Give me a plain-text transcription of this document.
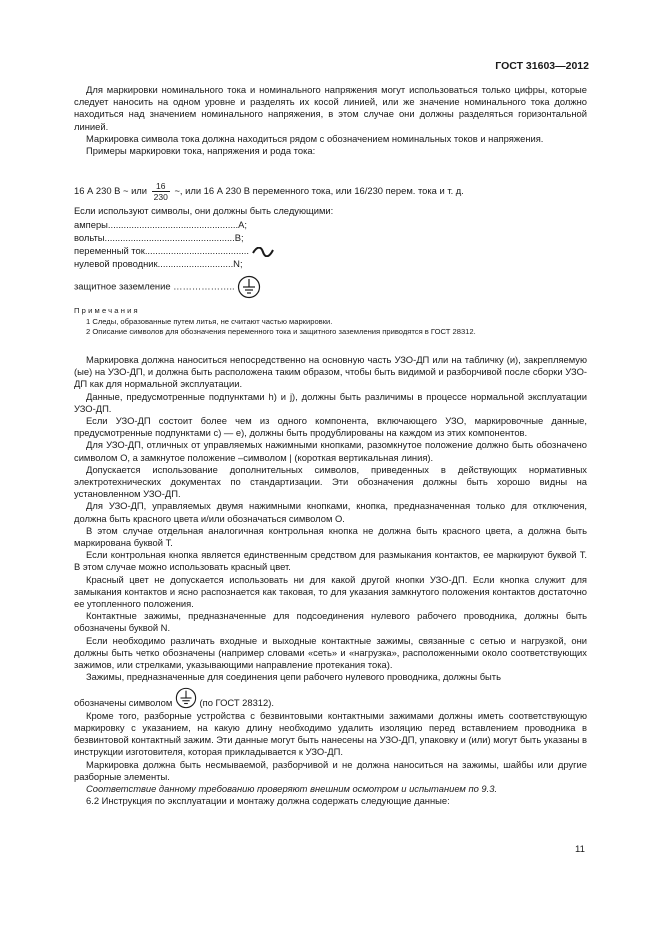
ГОСТ 31603—2012

Для маркировки номинального тока и номинального напряжения могут использоваться только цифры, которые следует наносить на одном уровне и разделять их косой линией, или же значение номинального тока должно находиться над значением номинального напряжения, в этом случае они должны разделяться горизонтальной линией.

Маркировка символа тока должна находиться рядом с обозначением номинальных токов и напряжения.

Примеры маркировки тока, напряжения и рода тока:

16 А 230 В ~ или $\frac{16}{230}$ ~, или 16 А 230 В переменного тока, или 16/230 перем. тока и т. д.
Если используют символы, они должны быть следующими:
амперы..................................................A;
вольты..................................................В;
переменный ток........................................
нулевой проводник.............................N;
защитное заземление ………………..
Примечания
1 Следы, образованные путем литья, не считают частью маркировки.
2 Описание символов для обозначения переменного тока и защитного заземления приводятся в ГОСТ 28312.

Маркировка должна наноситься непосредственно на основную часть УЗО-ДП или на табличку (и), закрепляемую (ые) на УЗО-ДП, и должна быть расположена таким образом, чтобы быть видимой и разборчивой после сборки УЗО-ДП как для нормальной эксплуатации.

Данные, предусмотренные подпунктами h) и j), должны быть различимы в процессе нормальной эксплуатации УЗО-ДП.

Если УЗО-ДП состоит более чем из одного компонента, включающего УЗО, маркировочные данные, предусмотренные подпунктами с) — е), должны быть продублированы на каждом из этих компонентов.

Для УЗО-ДП, отличных от управляемых нажимными кнопками, разомкнутое положение должно быть обозначено символом О, а замкнутое положение –символом | (короткая вертикальная линия).

Допускается использование дополнительных символов, приведенных в действующих нормативных электротехнических документах по стандартизации. Эти обозначения должны быть хорошо видны на установленном УЗО-ДП.

Для УЗО-ДП, управляемых двумя нажимными кнопками, кнопка, предназначенная только для отключения, должна быть красного цвета и/или обозначаться символом О.

В этом случае отдельная аналогичная контрольная кнопка не должна быть красного цвета, а должна быть маркирована буквой Т.

Если контрольная кнопка является единственным средством для размыкания контактов, ее маркируют буквой Т. В этом случае можно использовать красный цвет.

Красный цвет не допускается использовать ни для какой другой кнопки УЗО-ДП. Если кнопка служит для замыкания контактов и ясно распознается как таковая, то для указания замкнутого положения контактов достаточно ее утопленного положения.

Контактные зажимы, предназначенные для подсоединения нулевого рабочего проводника, должны быть обозначены буквой N.

Если необходимо различать входные и выходные контактные зажимы, связанные с сетью и нагрузкой, они должны быть четко обозначены (например словами «сеть» и «нагрузка», расположенными около соответствующих зажимов, или стрелками, указывающими направление протекания тока).

Зажимы, предназначенные для соединения цепи рабочего нулевого проводника, должны быть

обозначены символом	(по ГОСТ 28312).

Кроме того, разборные устройства с безвинтовыми контактными зажимами должны иметь соответствующую маркировку с указанием, на какую длину необходимо удалить изоляцию перед вставлением проводника в безвинтовой контактный зажим. Эти данные могут быть нанесены на УЗО-ДП, упаковку и (или) могут быть указаны в инструкции изготовителя, которая прикладывается к УЗО-ДП.

Маркировка должна быть несмываемой, разборчивой и не должна наноситься на зажимы, шайбы или другие разборные элементы.

Соответствие данному требованию проверяют внешним осмотром и испытанием по 9.3.

6.2 Инструкция по эксплуатации и монтажу должна содержать следующие данные:

11
